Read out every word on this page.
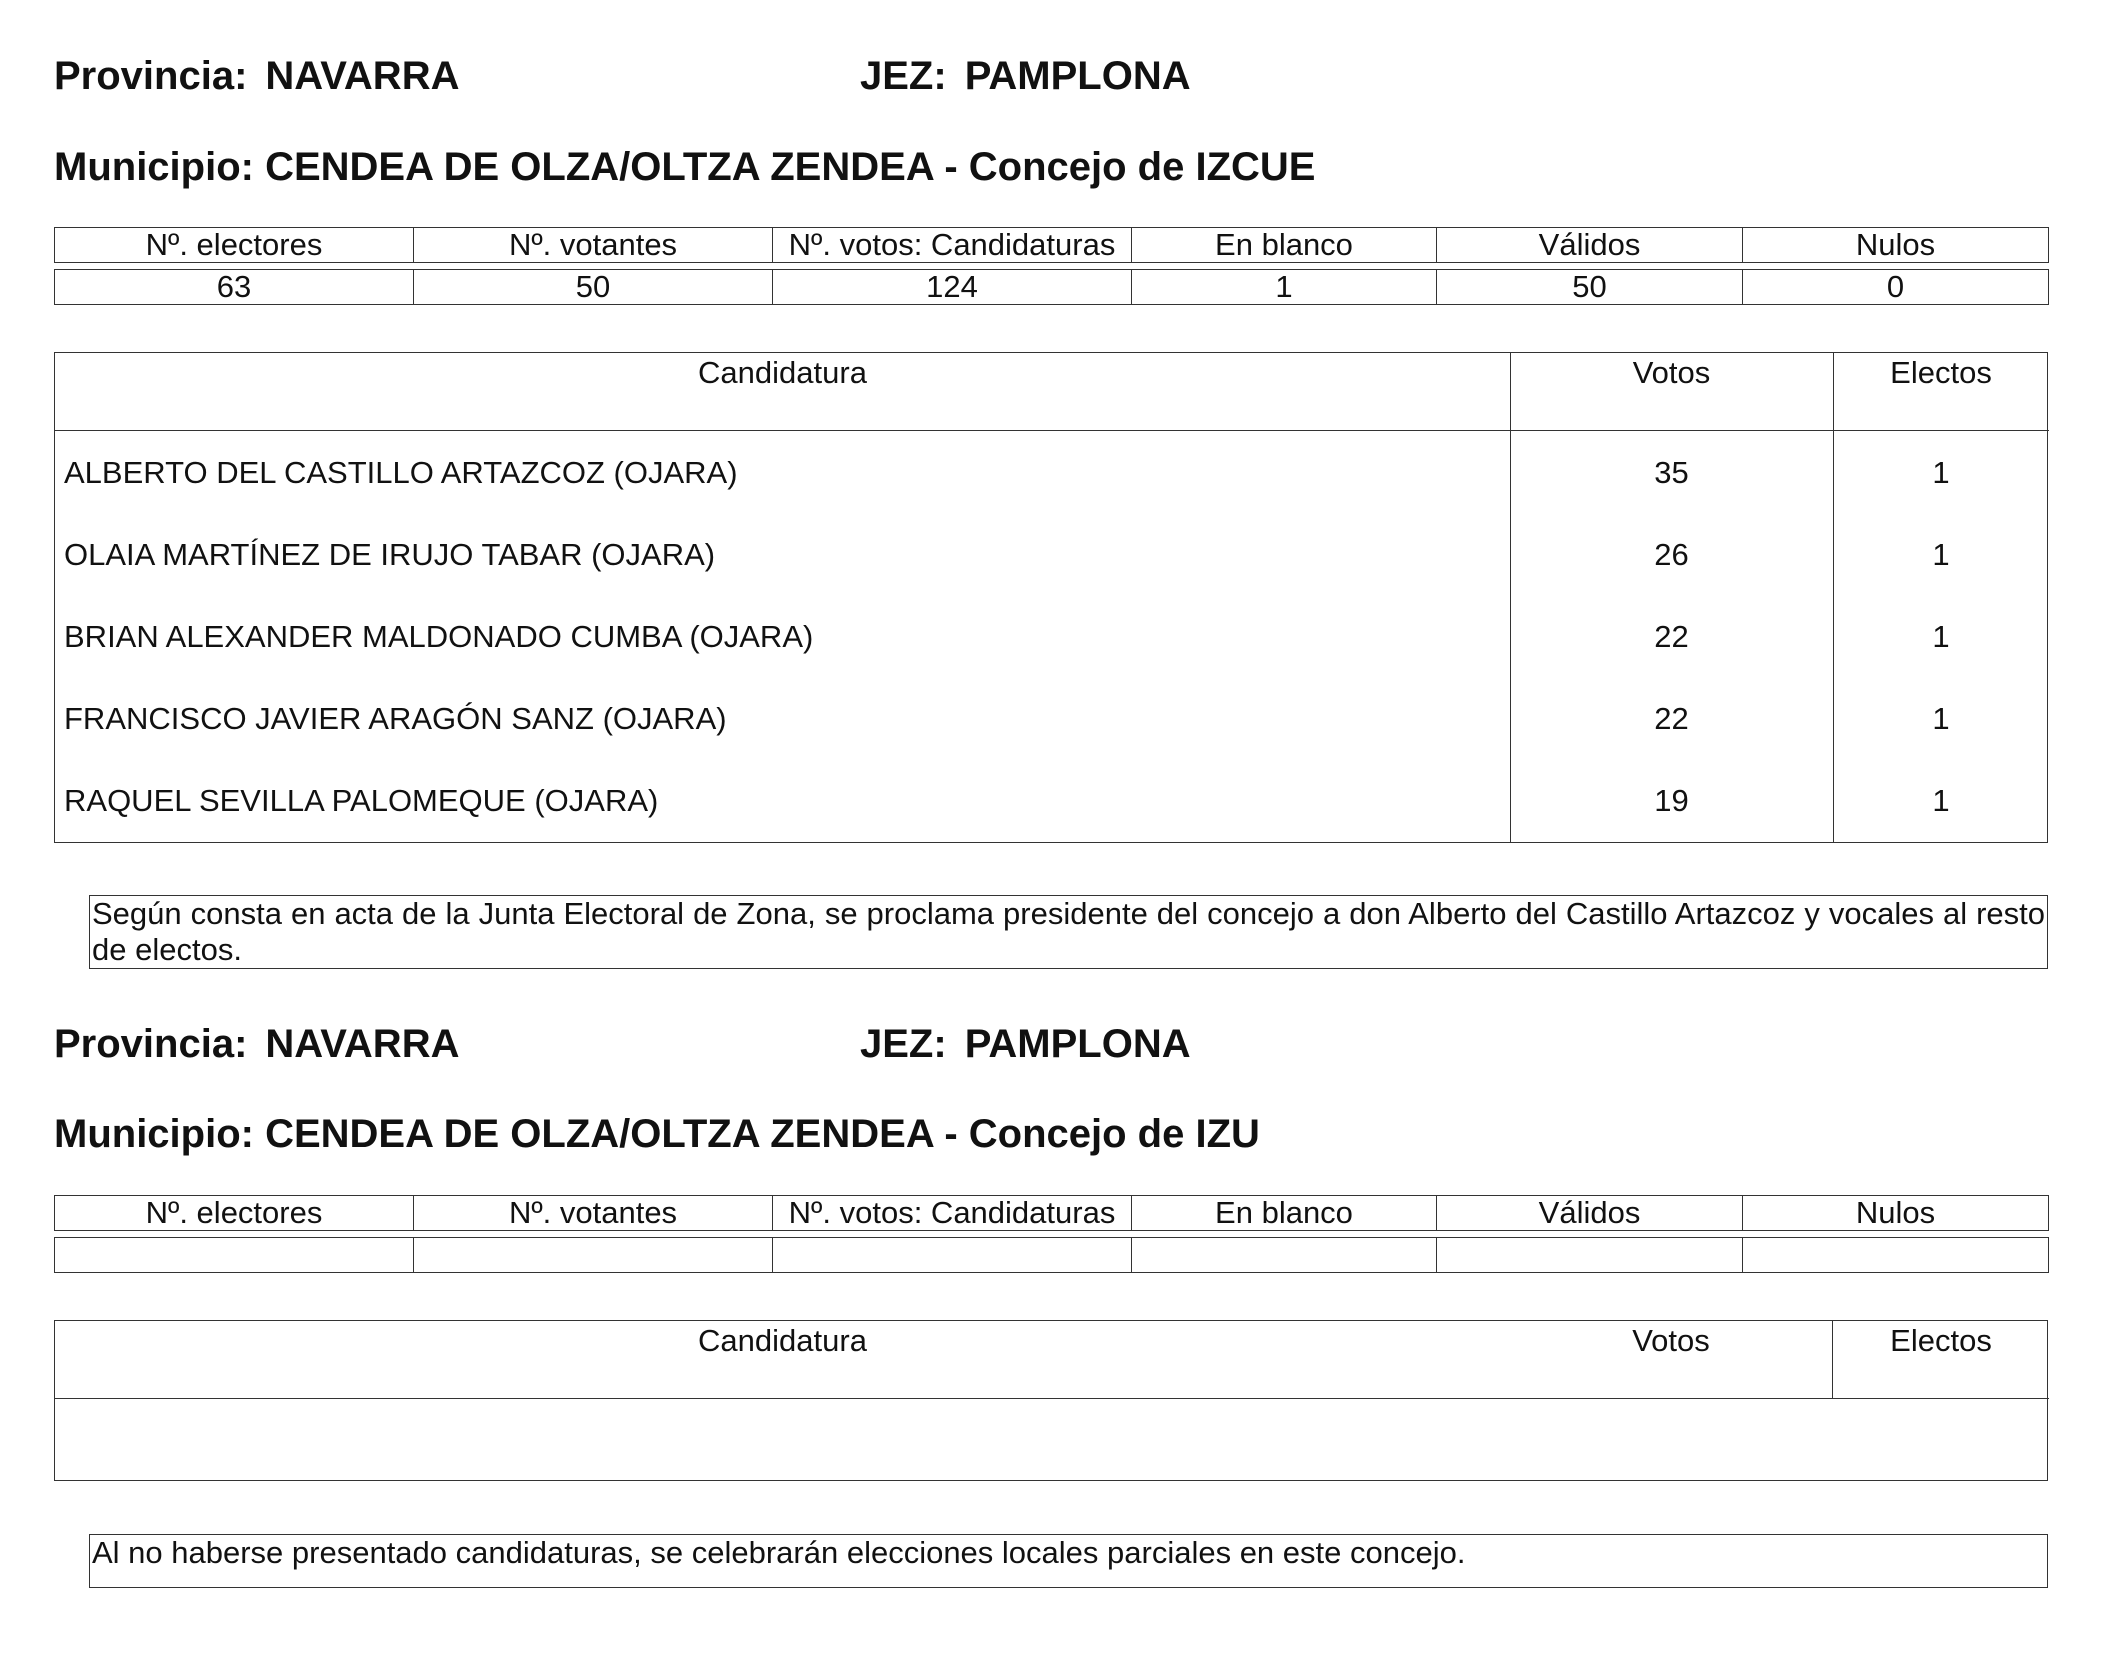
Provincia: NAVARRA	JEZ: PAMPLONA
Municipio: CENDEA DE OLZA/OLTZA ZENDEA - Concejo de IZCUE
Nº. electores	Nº. votantes	Nº. votos: Candidaturas	En blanco	Válidos	Nulos
63	50	124	1	50	0
Candidatura	Votos	Electos
ALBERTO DEL CASTILLO ARTAZCOZ (OJARA)	35	1
OLAIA MARTÍNEZ DE IRUJO TABAR (OJARA)	26	1
BRIAN ALEXANDER MALDONADO CUMBA (OJARA)	22	1
FRANCISCO JAVIER ARAGÓN SANZ (OJARA)	22	1
RAQUEL SEVILLA PALOMEQUE (OJARA)	19	1
Según consta en acta de la Junta Electoral de Zona, se proclama presidente del concejo a don Alberto del Castillo Artazcoz y vocales al resto de electos.
Provincia: NAVARRA	JEZ: PAMPLONA
Municipio: CENDEA DE OLZA/OLTZA ZENDEA - Concejo de IZU
Nº. electores	Nº. votantes	Nº. votos: Candidaturas	En blanco	Válidos	Nulos

Candidatura	Votos	Electos
Al no haberse presentado candidaturas, se celebrarán elecciones locales parciales en este concejo.
